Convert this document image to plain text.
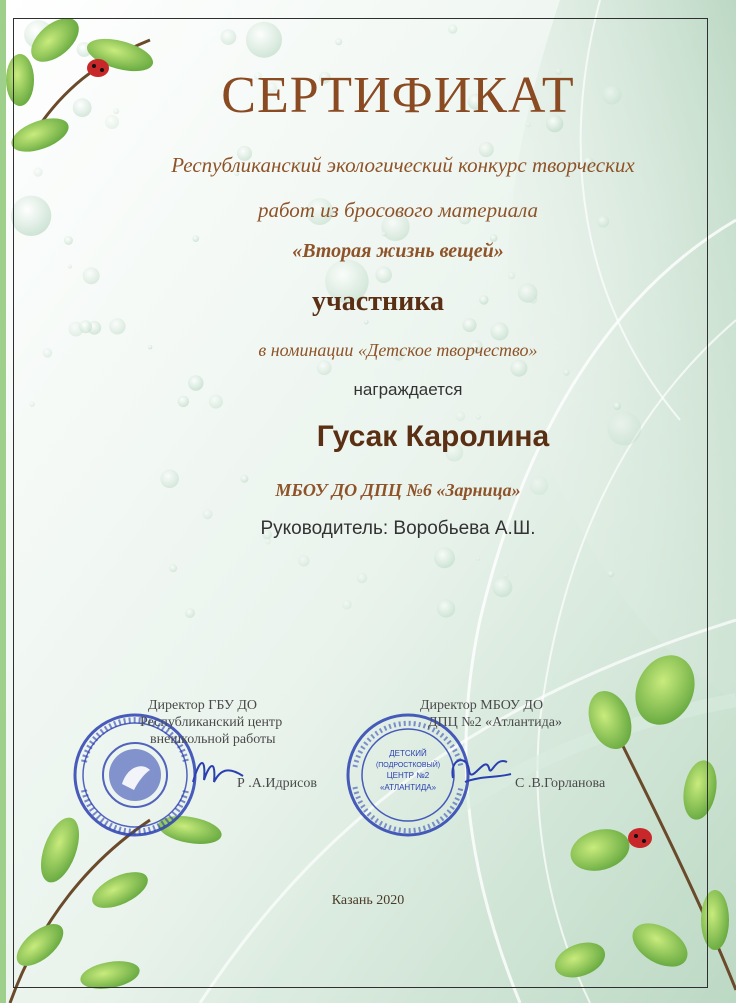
СЕРТИФИКАТ
Республиканский экологический конкурс творческих
работ из бросового материала
«Вторая жизнь вещей»
участника
в номинации «Детское творчество»
награждается
Гусак Каролина
МБОУ ДО ДПЦ №6 «Зарница»
Руководитель: Воробьева А.Ш.
Директор ГБУ ДО
Республиканский центр
внешкольной работы
Р .А.Идрисов
ДЕТСКИЙ
(ПОДРОСТКОВЫЙ)
ЦЕНТР №2
«АТЛАНТИДА»
Директор МБОУ ДО
ДПЦ №2 «Атлантида»
С .В.Горланова
Казань 2020
